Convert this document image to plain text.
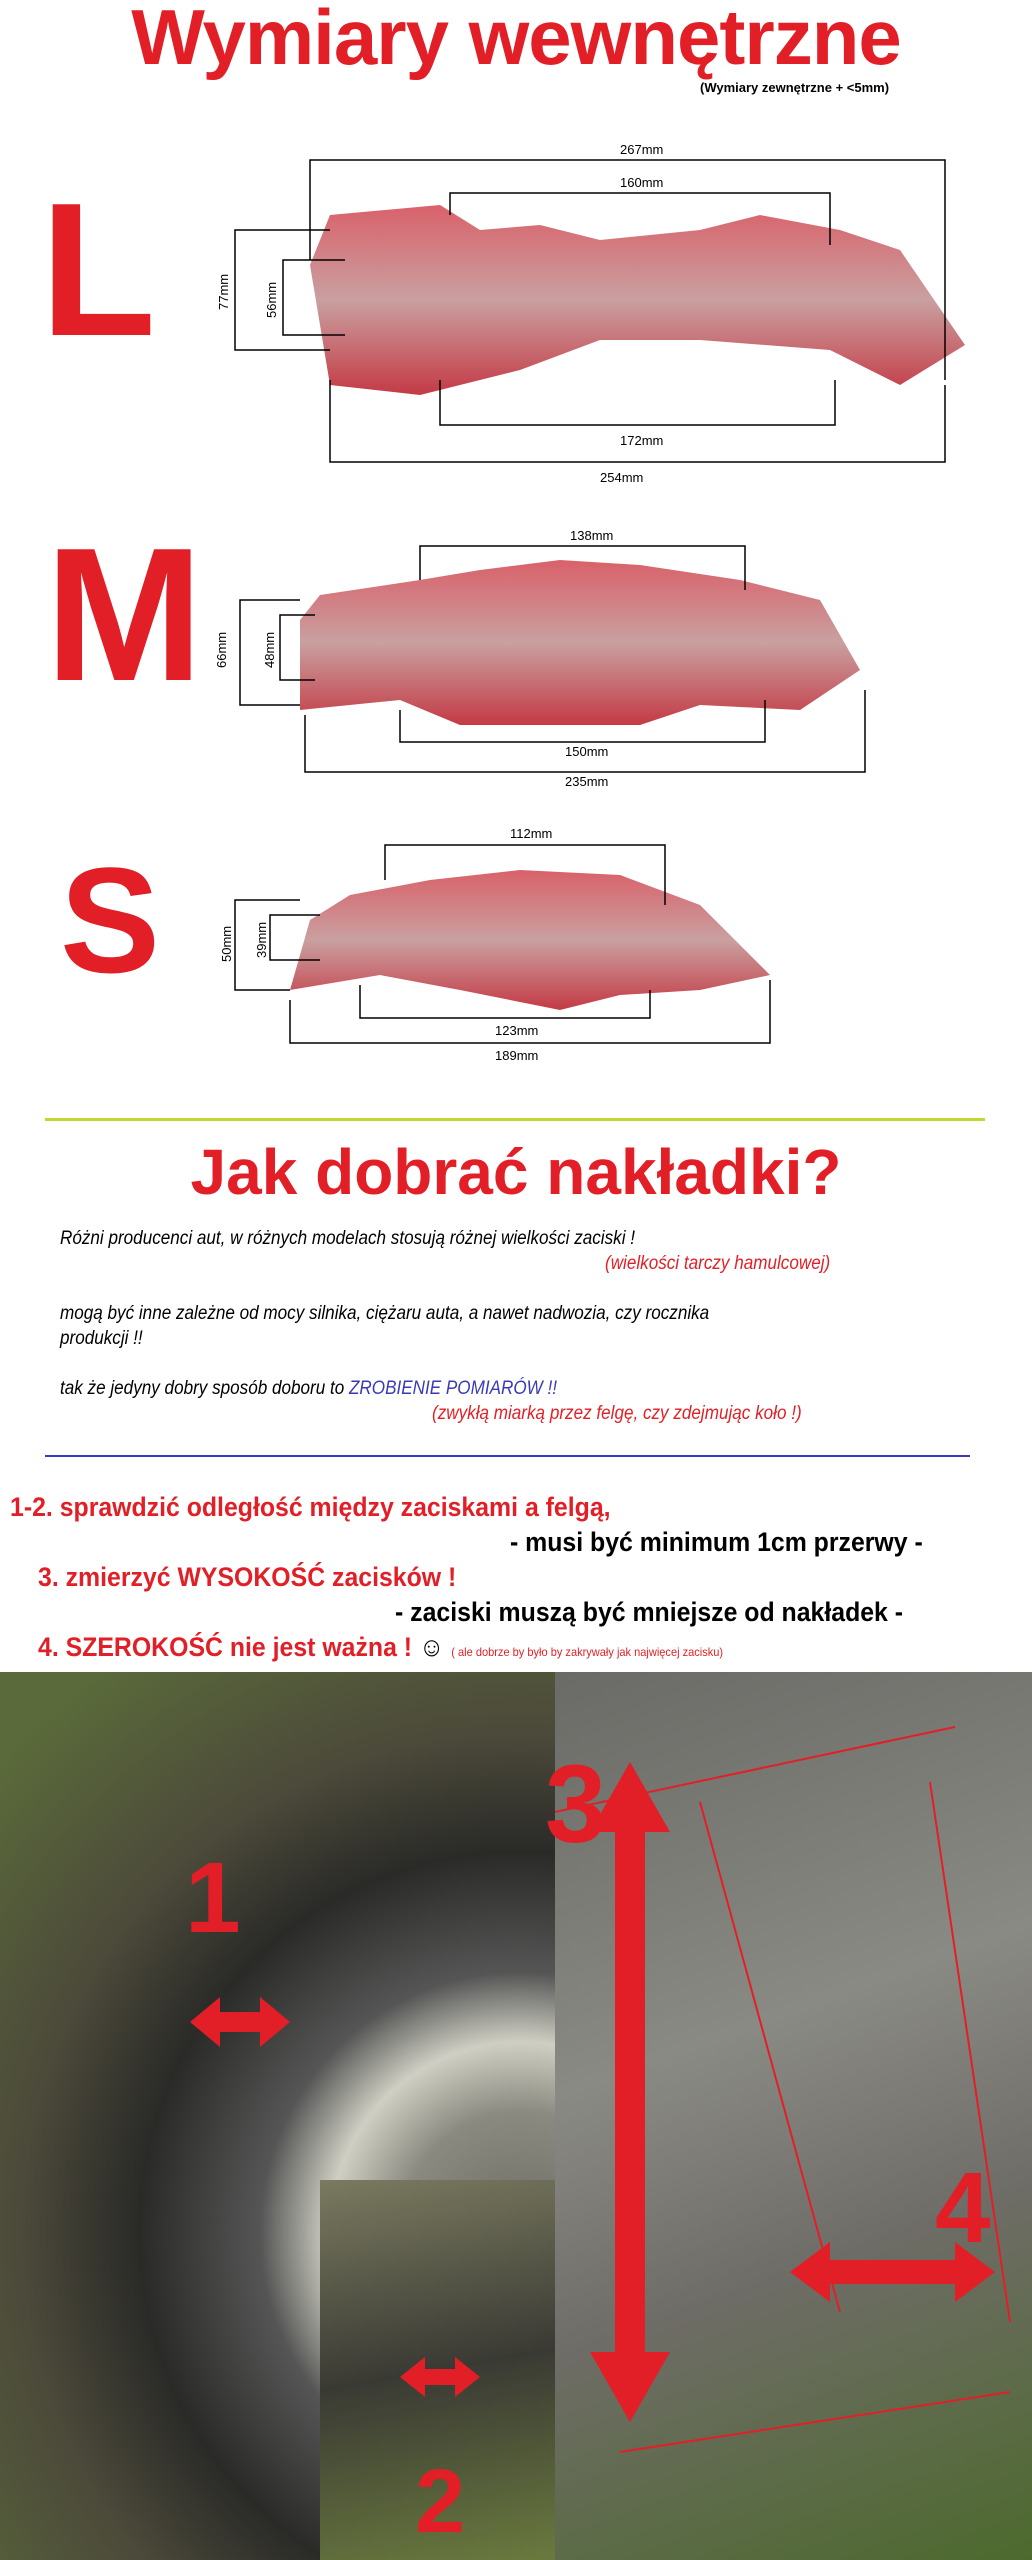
Wymiary wewnętrzne
(Wymiary zewnętrzne + <5mm)
L
M
S
267mm
160mm
172mm
254mm
77mm	56mm
138mm
150mm
235mm
66mm	48mm
112mm
123mm
189mm
50mm 39mm
Jak dobrać nakładki?
Różni producenci aut, w różnych modelach stosują różnej wielkości zaciski !
(wielkości tarczy hamulcowej)
mogą być inne zależne od mocy silnika, ciężaru auta, a nawet nadwozia, czy rocznika
produkcji !!
tak że jedyny dobry sposób doboru to ZROBIENIE POMIARÓW !!
(zwykłą miarką przez felgę, czy zdejmując koło !)
1-2. sprawdzić odległość między zaciskami a felgą,
- musi być minimum 1cm przerwy -
3. zmierzyć WYSOKOŚĆ zacisków !
- zaciski muszą być mniejsze od nakładek -
4. SZEROKOŚĆ nie jest ważna ! ☺ ( ale dobrze by było by zakrywały jak najwięcej zacisku)
1
2
3
4
